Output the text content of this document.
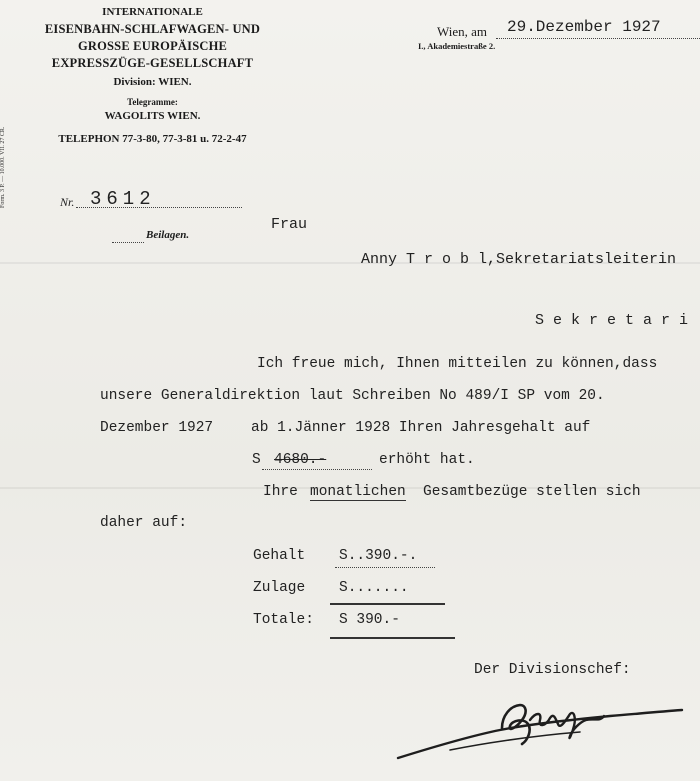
INTERNATIONALE
EISENBAHN-SCHLAFWAGEN- UND
GROSSE EUROPÄISCHE
EXPRESSZÜGE-GESELLSCHAFT
Division: WIEN.
Telegramme:
WAGOLITS WIEN.
TELEPHON 77-3-80, 77-3-81 u. 72-2-47
Form. 3 P. — 10.000. VII. 27 CR.	Nr. 3612
Beilagen.
Wien, am 29.Dezember 1927
I., Akademiestraße 2.
Frau
Anny T r o b l,Sekretariatsleiterin
S e k r e t a r i
Ich freue mich, Ihnen mitteilen zu können,dass
unsere Generaldirektion laut Schreiben No 489/I SP vom 20.
Dezember 1927	ab 1.Jänner 1928 Ihren Jahresgehalt auf
S 4680.-	erhöht hat.
Ihre monatlichen Gesamtbezüge stellen sich
daher auf:
Gehalt S..390.-.
Zulage S.......
Totale: S 390.-
Der Divisionschef:
